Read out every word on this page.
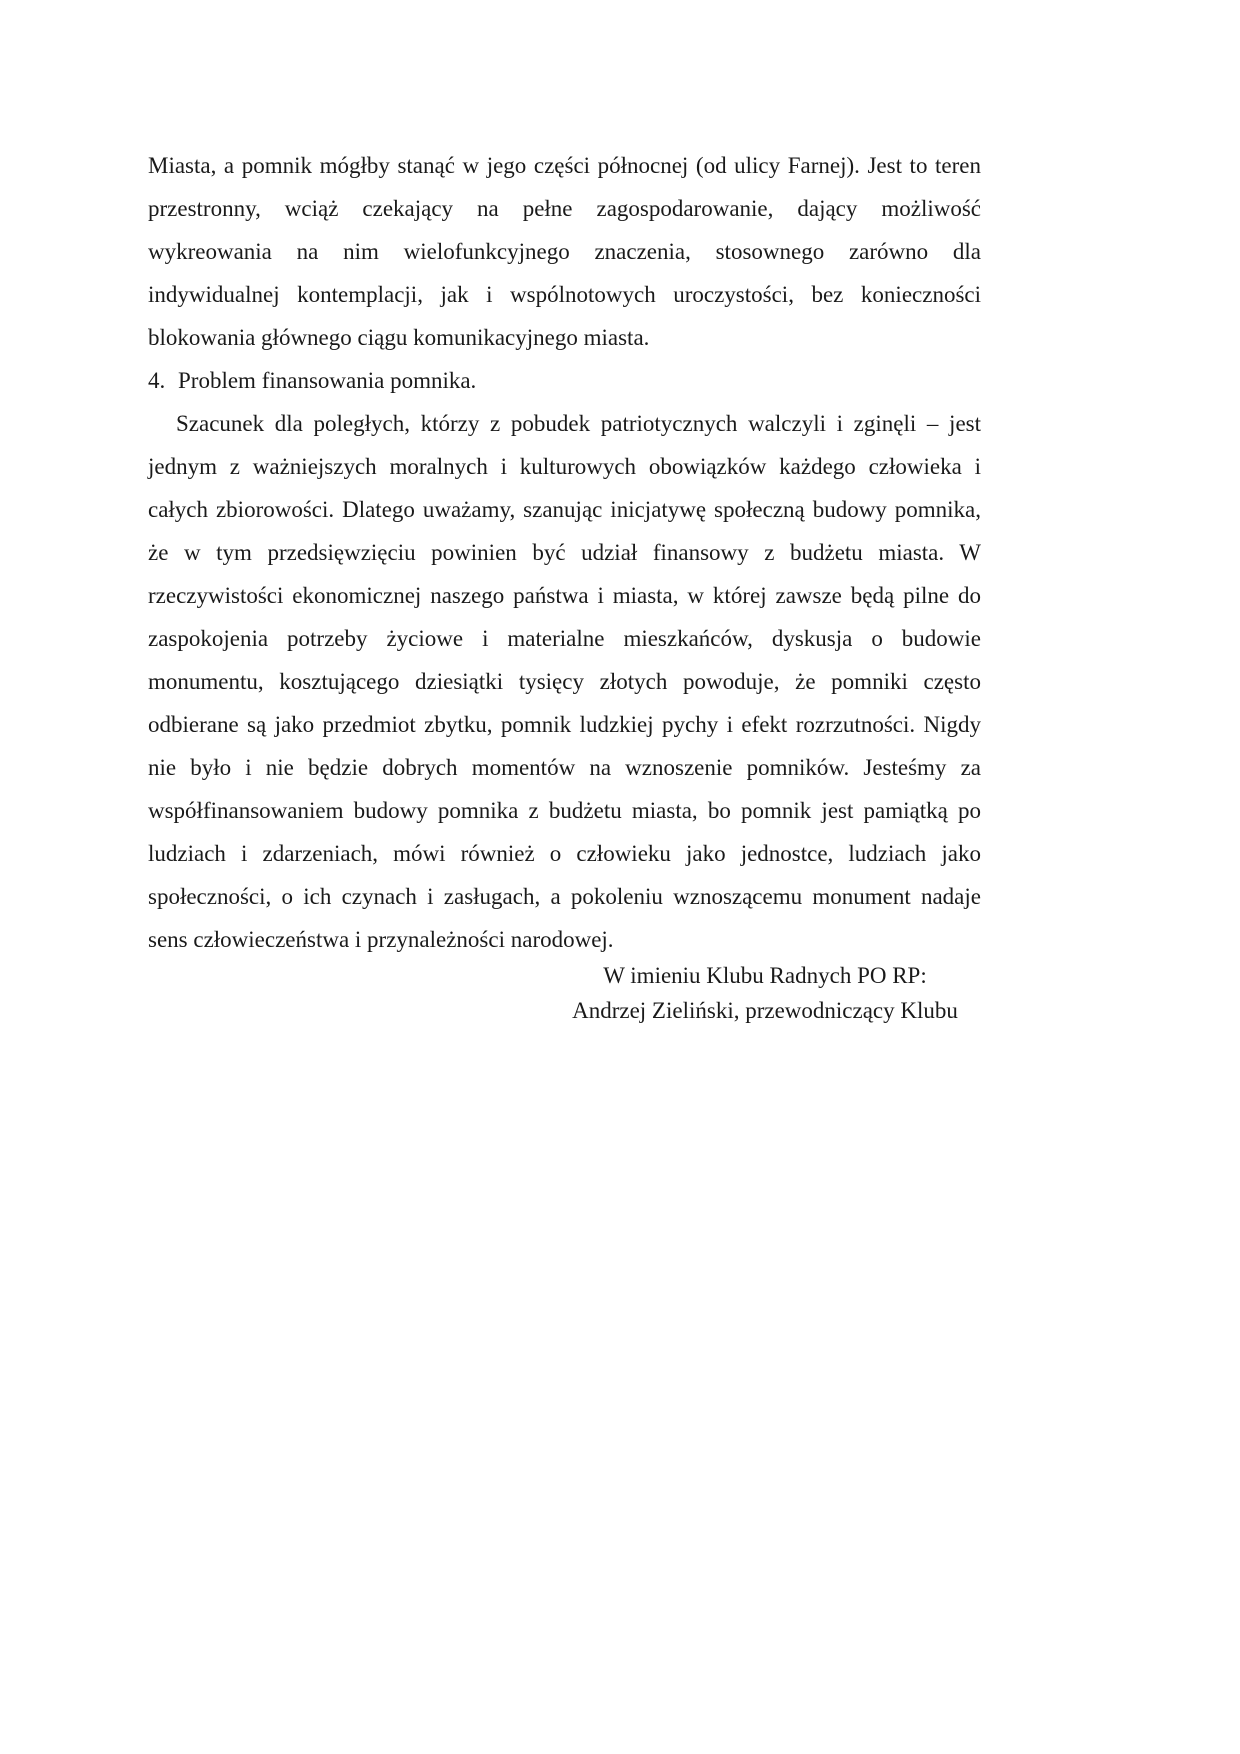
Miasta, a pomnik mógłby stanąć w jego części północnej (od ulicy Farnej). Jest to teren przestronny, wciąż czekający na pełne zagospodarowanie, dający możliwość wykreowania na nim wielofunkcyjnego znaczenia, stosownego zarówno dla indywidualnej kontemplacji, jak i wspólnotowych uroczystości, bez konieczności blokowania głównego ciągu komunikacyjnego miasta.

4. Problem finansowania pomnika.

Szacunek dla poległych, którzy z pobudek patriotycznych walczyli i zginęli – jest jednym z ważniejszych moralnych i kulturowych obowiązków każdego człowieka i całych zbiorowości. Dlatego uważamy, szanując inicjatywę społeczną budowy pomnika, że w tym przedsięwzięciu powinien być udział finansowy z budżetu miasta. W rzeczywistości ekonomicznej naszego państwa i miasta, w której zawsze będą pilne do zaspokojenia potrzeby życiowe i materialne mieszkańców, dyskusja o budowie monumentu, kosztującego dziesiątki tysięcy złotych powoduje, że pomniki często odbierane są jako przedmiot zbytku, pomnik ludzkiej pychy i efekt rozrzutności. Nigdy nie było i nie będzie dobrych momentów na wznoszenie pomników. Jesteśmy za współfinansowaniem budowy pomnika z budżetu miasta, bo pomnik jest pamiątką po ludziach i zdarzeniach, mówi również o człowieku jako jednostce, ludziach jako społeczności, o ich czynach i zasługach, a pokoleniu wznoszącemu monument nadaje sens człowieczeństwa i przynależności narodowej.

W imieniu Klubu Radnych PO RP:
Andrzej Zieliński, przewodniczący Klubu
